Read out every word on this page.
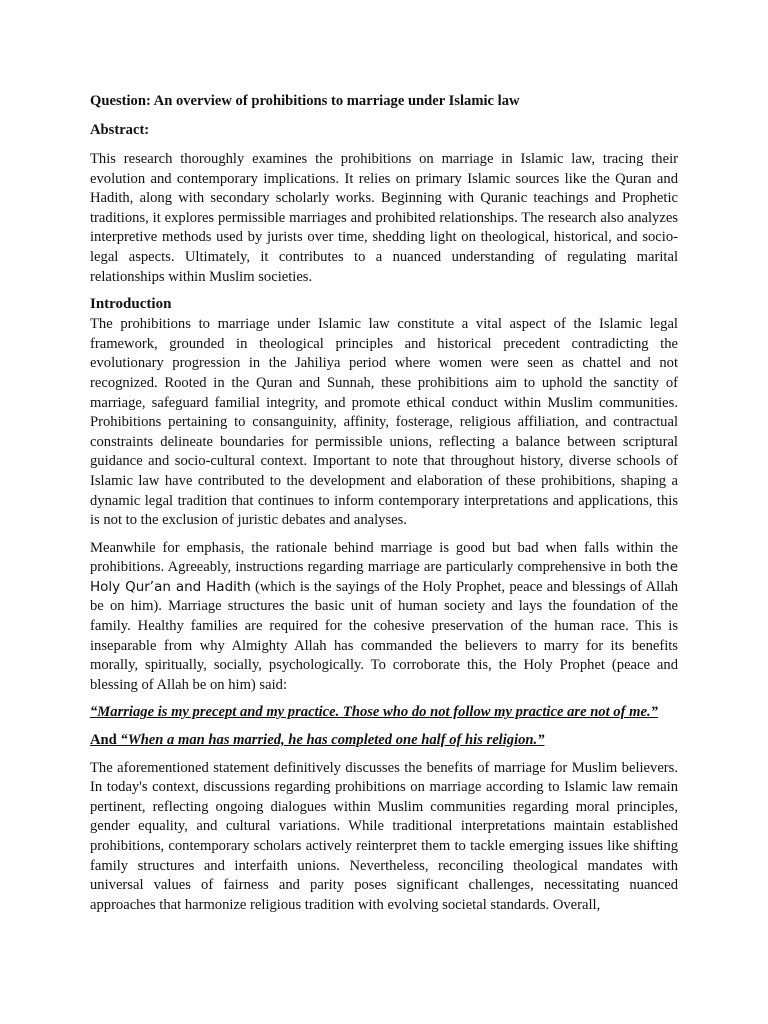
Question: An overview of prohibitions to marriage under Islamic law
Abstract:

This research thoroughly examines the prohibitions on marriage in Islamic law, tracing their evolution and contemporary implications. It relies on primary Islamic sources like the Quran and Hadith, along with secondary scholarly works. Beginning with Quranic teachings and Prophetic traditions, it explores permissible marriages and prohibited relationships. The research also analyzes interpretive methods used by jurists over time, shedding light on theological, historical, and socio-legal aspects. Ultimately, it contributes to a nuanced understanding of regulating marital relationships within Muslim societies.

Introduction

The prohibitions to marriage under Islamic law constitute a vital aspect of the Islamic legal framework, grounded in theological principles and historical precedent contradicting the evolutionary progression in the Jahiliya period where women were seen as chattel and not recognized. Rooted in the Quran and Sunnah, these prohibitions aim to uphold the sanctity of marriage, safeguard familial integrity, and promote ethical conduct within Muslim communities. Prohibitions pertaining to consanguinity, affinity, fosterage, religious affiliation, and contractual constraints delineate boundaries for permissible unions, reflecting a balance between scriptural guidance and socio-cultural context. Important to note that throughout history, diverse schools of Islamic law have contributed to the development and elaboration of these prohibitions, shaping a dynamic legal tradition that continues to inform contemporary interpretations and applications, this is not to the exclusion of juristic debates and analyses.

Meanwhile for emphasis, the rationale behind marriage is good but bad when falls within the prohibitions. Agreeably, instructions regarding marriage are particularly comprehensive in both the Holy Qur’an and Hadith (which is the sayings of the Holy Prophet, peace and blessings of Allah be on him). Marriage structures the basic unit of human society and lays the foundation of the family. Healthy families are required for the cohesive preservation of the human race. This is inseparable from why Almighty Allah has commanded the believers to marry for its benefits morally, spiritually, socially, psychologically. To corroborate this, the Holy Prophet (peace and blessing of Allah be on him) said:

“Marriage is my precept and my practice. Those who do not follow my practice are not of me.”

And “When a man has married, he has completed one half of his religion.”

The aforementioned statement definitively discusses the benefits of marriage for Muslim believers. In today's context, discussions regarding prohibitions on marriage according to Islamic law remain pertinent, reflecting ongoing dialogues within Muslim communities regarding moral principles, gender equality, and cultural variations. While traditional interpretations maintain established prohibitions, contemporary scholars actively reinterpret them to tackle emerging issues like shifting family structures and interfaith unions. Nevertheless, reconciling theological mandates with universal values of fairness and parity poses significant challenges, necessitating nuanced approaches that harmonize religious tradition with evolving societal standards. Overall,
